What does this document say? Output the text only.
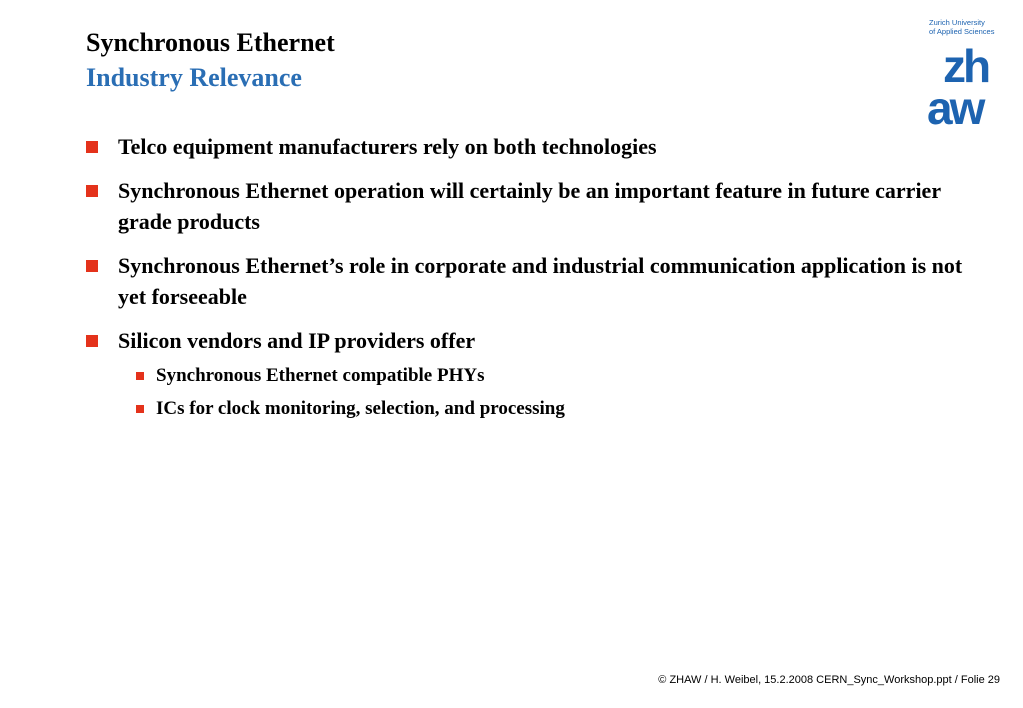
Synchronous Ethernet
Industry Relevance
Zurich University
of Applied Sciences
zh
aw
Telco equipment manufacturers rely on both technologies
Synchronous Ethernet operation will certainly be an important feature in future carrier grade products
Synchronous Ethernet’s role in corporate and industrial communication application is not yet forseeable
Silicon vendors and IP providers offer
Synchronous Ethernet compatible PHYs
ICs for clock monitoring, selection, and processing
© ZHAW / H. Weibel, 15.2.2008 CERN_Sync_Workshop.ppt / Folie 29
